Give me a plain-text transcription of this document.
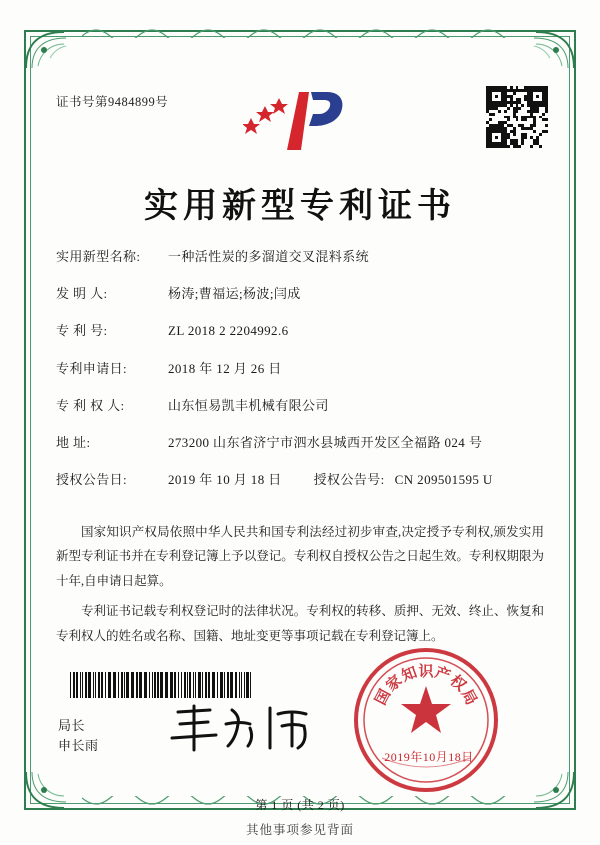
证书号第9484899号
实用新型专利证书
实用新型名称:	一种活性炭的多溜道交叉混料系统
发 明 人:	杨涛;曹福运;杨波;闫成
专 利 号:	ZL 2018 2 2204992.6
专利申请日:	2018 年 12 月 26 日
专 利 权 人:	山东恒易凯丰机械有限公司
地 址:	273200 山东省济宁市泗水县城西开发区全福路 024 号
授权公告日:	2019 年 10 月 18 日 授权公告号: CN 209501595 U

国家知识产权局依照中华人民共和国专利法经过初步审查,决定授予专利权,颁发实用新型专利证书并在专利登记簿上予以登记。专利权自授权公告之日起生效。专利权期限为十年,自申请日起算。

专利证书记载专利权登记时的法律状况。专利权的转移、质押、无效、终止、恢复和专利权人的姓名或名称、国籍、地址变更等事项记载在专利登记簿上。

局长
申长雨
国
家
知 识 产
权
局
2019年10月18日
第 1 页 (共 2 页)
其他事项参见背面
